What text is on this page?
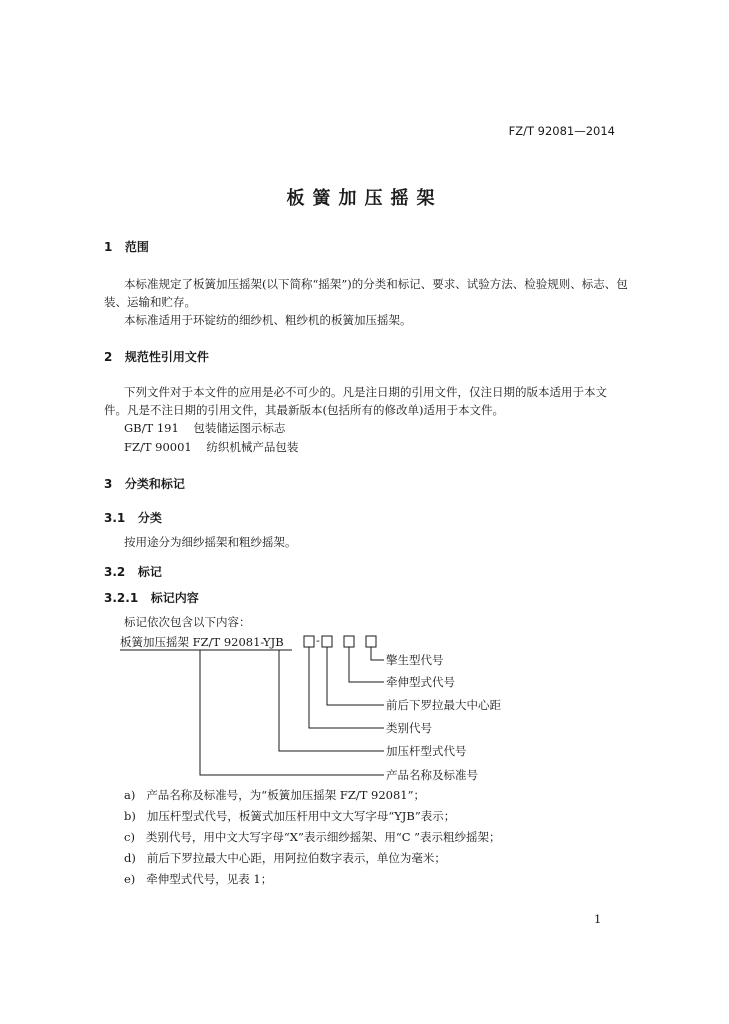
FZ/T 92081—2014
板簧加压摇架
1 范围
本标准规定了板簧加压摇架(以下简称“摇架”)的分类和标记、要求、试验方法、检验规则、标志、包
装、运输和贮存。
本标准适用于环锭纺的细纱机、粗纱机的板簧加压摇架。
2 规范性引用文件
下列文件对于本文件的应用是必不可少的。凡是注日期的引用文件，仅注日期的版本适用于本文
件。凡是不注日期的引用文件，其最新版本(包括所有的修改单)适用于本文件。
GB/T 191 包装储运图示标志
FZ/T 90001 纺织机械产品包装
3 分类和标记
3.1 分类
按用途分为细纱摇架和粗纱摇架。
3.2 标记
3.2.1 标记内容
标记依次包含以下内容：
板簧加压摇架 FZ/T 92081-YJB	-
擎生型代号
牵伸型式代号
前后下罗拉最大中心距
类别代号
加压杆型式代号
产品名称及标准号
a) 产品名称及标准号，为“板簧加压摇架 FZ/T 92081”；
b) 加压杆型式代号，板簧式加压杆用中文大写字母“YJB”表示；
c) 类别代号，用中文大写字母“X”表示细纱摇架、用“C ”表示粗纱摇架；
d) 前后下罗拉最大中心距，用阿拉伯数字表示，单位为毫米；
e) 牵伸型式代号，见表 1；
1
